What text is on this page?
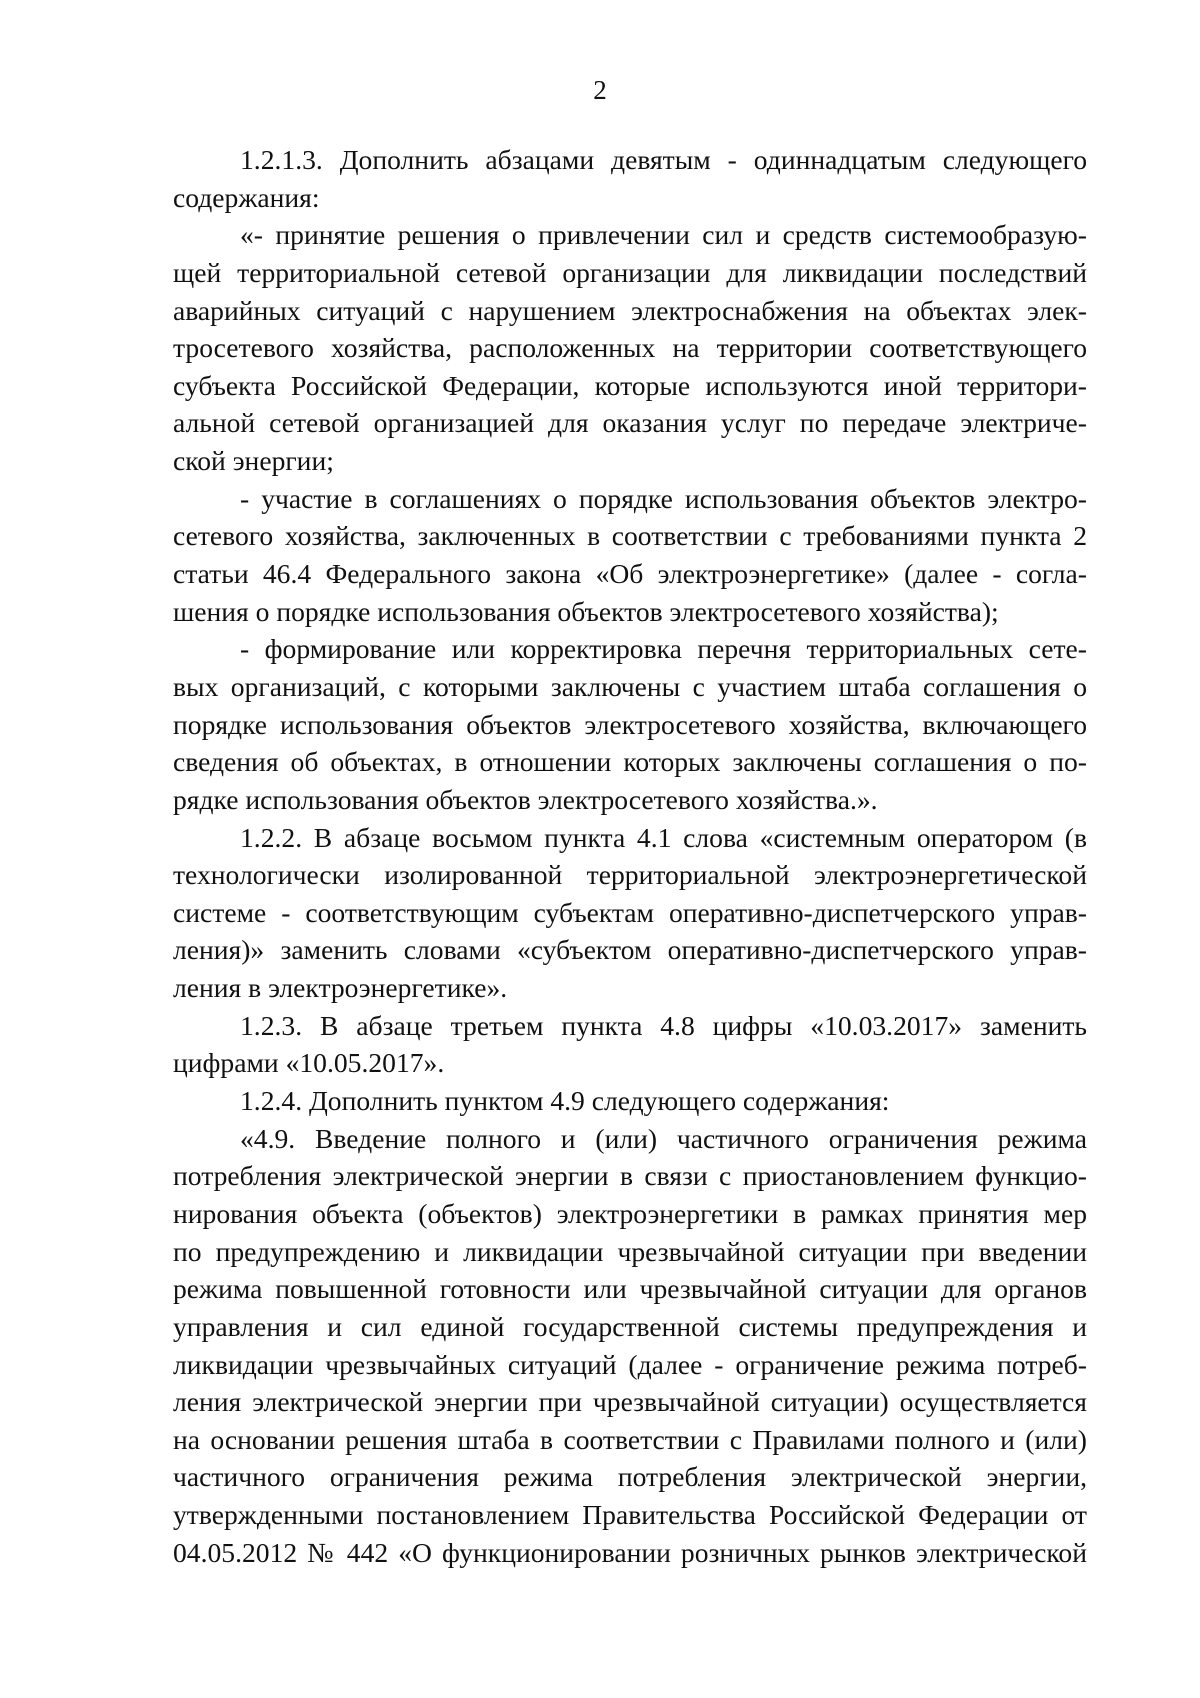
2
1.2.1.3. Дополнить абзацами девятым - одиннадцатым следующего
содержания:
«- принятие решения о привлечении сил и средств системообразую-
щей территориальной сетевой организации для ликвидации последствий
аварийных ситуаций с нарушением электроснабжения на объектах элек-
тросетевого хозяйства, расположенных на территории соответствующего
субъекта Российской Федерации, которые используются иной территори-
альной сетевой организацией для оказания услуг по передаче электриче-
ской энергии;
- участие в соглашениях о порядке использования объектов электро-
сетевого хозяйства, заключенных в соответствии с требованиями пункта 2
статьи 46.4 Федерального закона «Об электроэнергетике» (далее - согла-
шения о порядке использования объектов электросетевого хозяйства);
- формирование или корректировка перечня территориальных сете-
вых организаций, с которыми заключены с участием штаба соглашения о
порядке использования объектов электросетевого хозяйства, включающего
сведения об объектах, в отношении которых заключены соглашения о по-
рядке использования объектов электросетевого хозяйства.».
1.2.2. В абзаце восьмом пункта 4.1 слова «системным оператором (в
технологически изолированной территориальной электроэнергетической
системе - соответствующим субъектам оперативно-диспетчерского управ-
ления)» заменить словами «субъектом оперативно-диспетчерского управ-
ления в электроэнергетике».
1.2.3. В абзаце третьем пункта 4.8 цифры «10.03.2017» заменить
цифрами «10.05.2017».
1.2.4. Дополнить пунктом 4.9 следующего содержания:
«4.9. Введение полного и (или) частичного ограничения режима
потребления электрической энергии в связи с приостановлением функцио-
нирования объекта (объектов) электроэнергетики в рамках принятия мер
по предупреждению и ликвидации чрезвычайной ситуации при введении
режима повышенной готовности или чрезвычайной ситуации для органов
управления и сил единой государственной системы предупреждения и
ликвидации чрезвычайных ситуаций (далее - ограничение режима потреб-
ления электрической энергии при чрезвычайной ситуации) осуществляется
на основании решения штаба в соответствии с Правилами полного и (или)
частичного ограничения режима потребления электрической энергии,
утвержденными постановлением Правительства Российской Федерации от
04.05.2012 № 442 «О функционировании розничных рынков электрической
